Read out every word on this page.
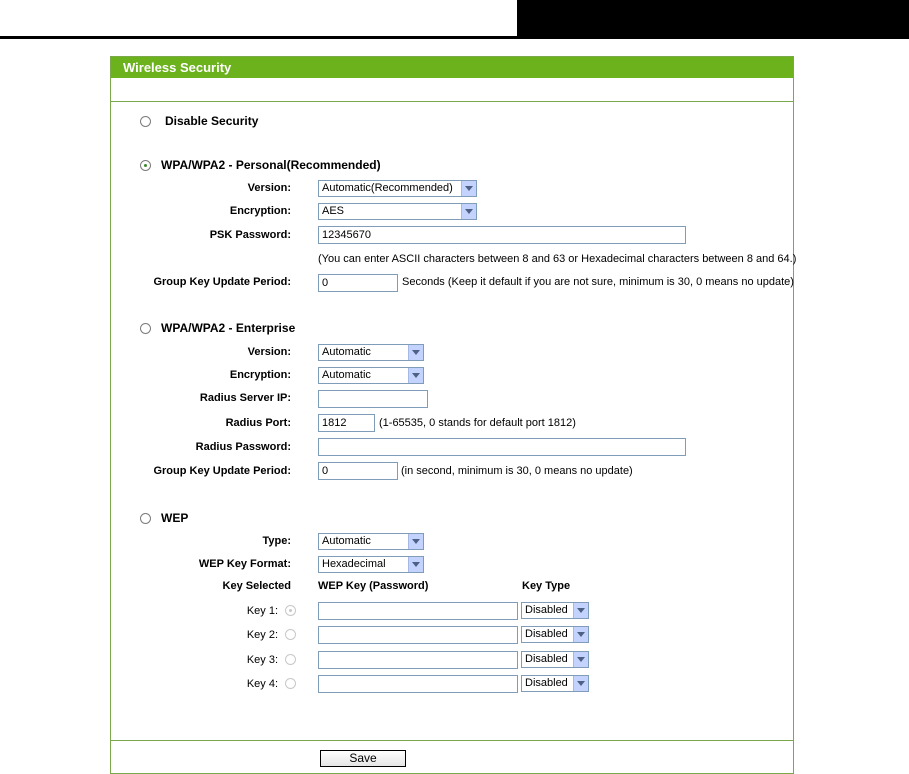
Wireless Security
Disable Security
WPA/WPA2 - Personal(Recommended)
Version:	Automatic(Recommended)
Encryption:	AES
PSK Password:
12345670
(You can enter ASCII characters between 8 and 63 or Hexadecimal characters between 8 and 64.)
Group Key Update Period:
0	Seconds (Keep it default if you are not sure, minimum is 30, 0 means no update)
WPA/WPA2 - Enterprise
Version:	Automatic
Encryption:	Automatic
Radius Server IP:
Radius Port:
1812	(1-65535, 0 stands for default port 1812)
Radius Password:
Group Key Update Period:
0	(in second, minimum is 30, 0 means no update)
WEP
Type:	Automatic
WEP Key Format:	Hexadecimal
Key Selected WEP Key (Password)	Key Type
Key 1:	Disabled
Key 2:	Disabled
Key 3:	Disabled
Key 4:	Disabled
Save
